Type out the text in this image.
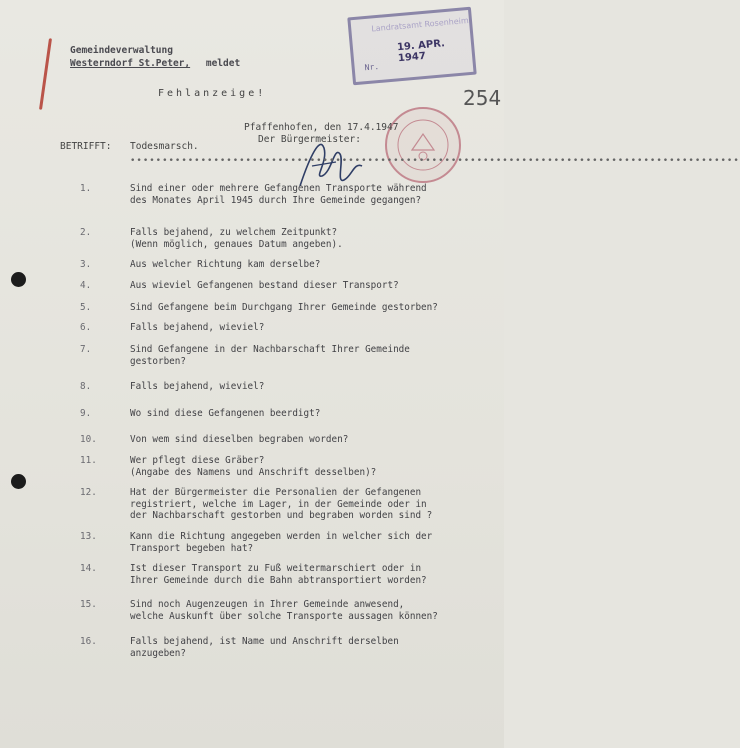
Gemeindeverwaltung
Westerndorf St.Peter, meldet
Landratsamt Rosenheim
19. APR. 1947
Nr.
Fehlanzeige!	254
Pfaffenhofen, den 17.4.1947
Der Bürgermeister:
BETRIFFT: Todesmarsch.
•••••••••••••••••••••••••••••••••••••••••••••••••••••••••••••••••••••••••••••••••••••••••••••••
1.	Sind einer oder mehrere Gefangenen Transporte während
des Monates April 1945 durch Ihre Gemeinde gegangen?
2.	Falls bejahend, zu welchem Zeitpunkt?
(Wenn möglich, genaues Datum angeben).
3.	Aus welcher Richtung kam derselbe?
4.	Aus wieviel Gefangenen bestand dieser Transport?
5.	Sind Gefangene beim Durchgang Ihrer Gemeinde gestorben?
6.	Falls bejahend, wieviel?
7.	Sind Gefangene in der Nachbarschaft Ihrer Gemeinde
gestorben?
8.	Falls bejahend, wieviel?
9.	Wo sind diese Gefangenen beerdigt?
10.	Von wem sind dieselben begraben worden?
11.	Wer pflegt diese Gräber?
(Angabe des Namens und Anschrift desselben)?
12.	Hat der Bürgermeister die Personalien der Gefangenen
registriert, welche im Lager, in der Gemeinde oder in
der Nachbarschaft gestorben und begraben worden sind ?
13.	Kann die Richtung angegeben werden in welcher sich der
Transport begeben hat?
14.	Ist dieser Transport zu Fuß weitermarschiert oder in
Ihrer Gemeinde durch die Bahn abtransportiert worden?
15.	Sind noch Augenzeugen in Ihrer Gemeinde anwesend,
welche Auskunft über solche Transporte aussagen können?
16.	Falls bejahend, ist Name und Anschrift derselben
anzugeben?
